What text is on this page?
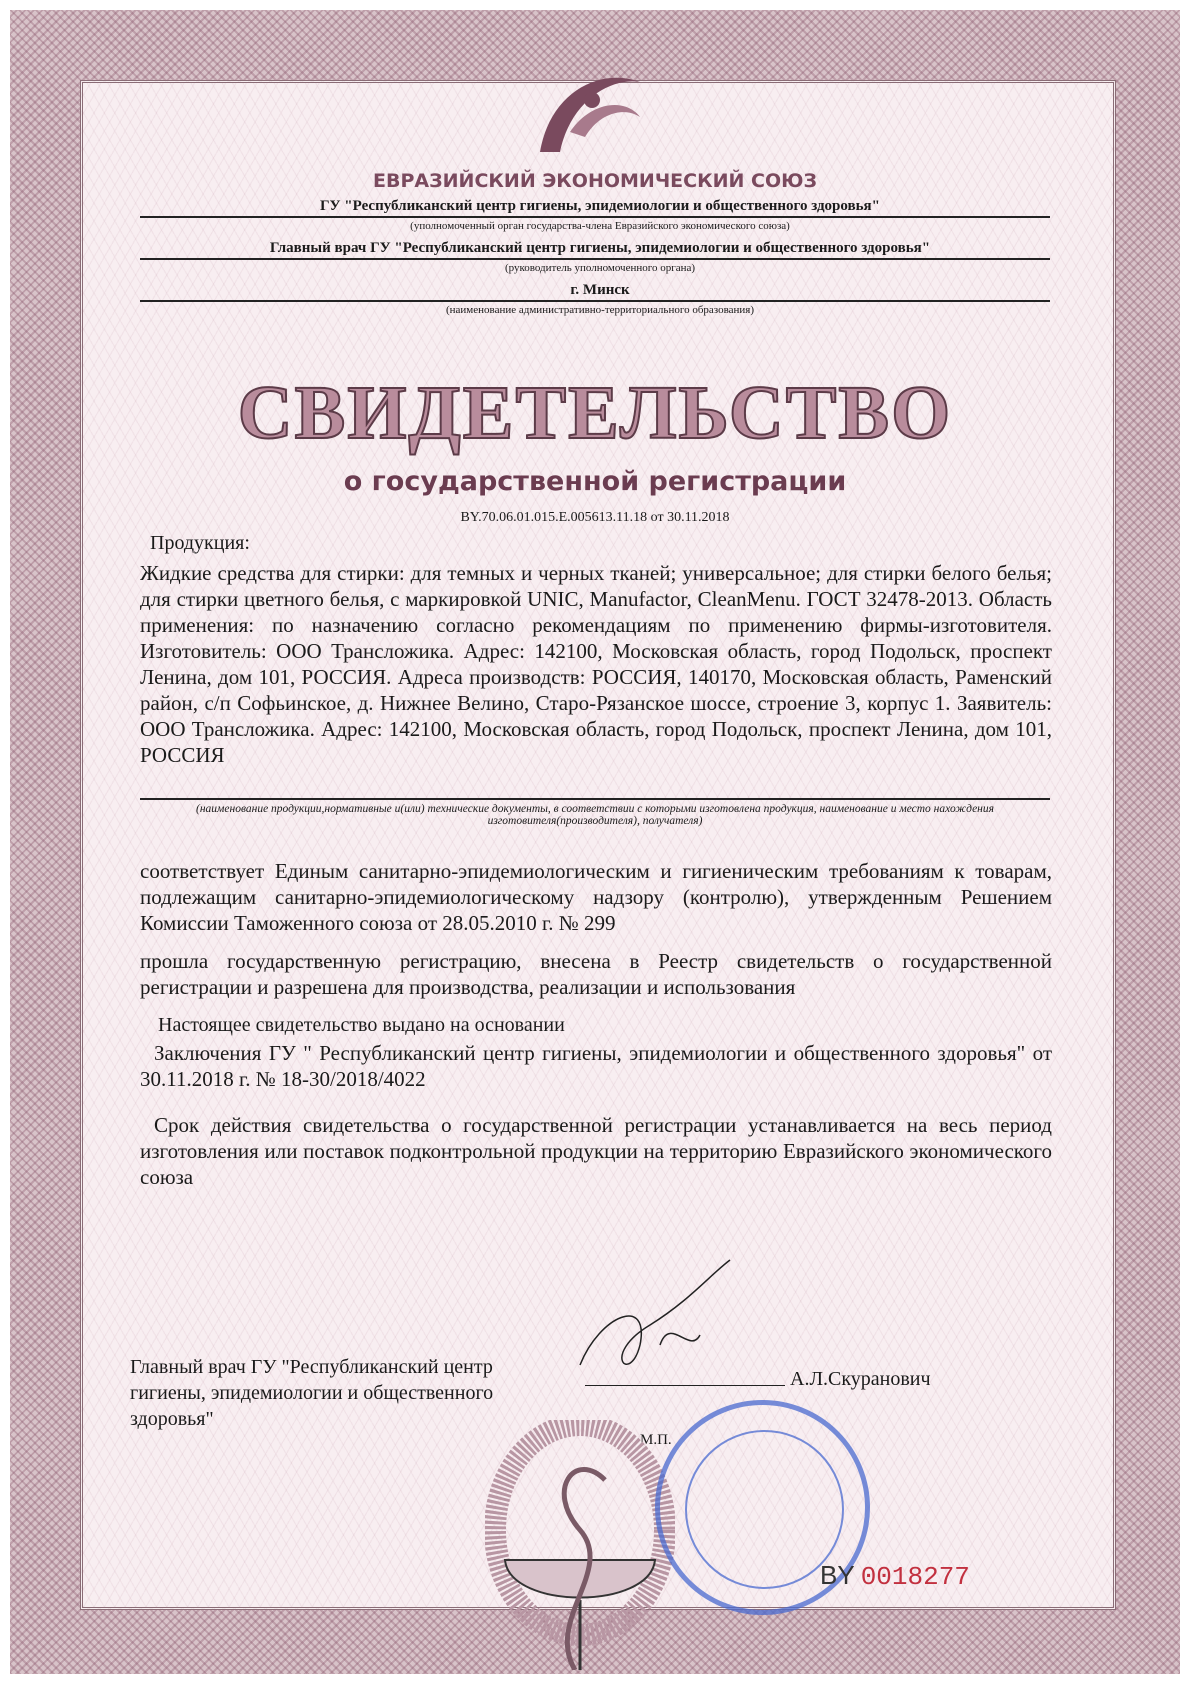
ЕВРАЗИЙСКИЙ ЭКОНОМИЧЕСКИЙ СОЮЗ
ГУ "Республиканский центр гигиены, эпидемиологии и общественного здоровья"
(уполномоченный орган государства-члена Евразийского экономического союза)
Главный врач ГУ "Республиканский центр гигиены, эпидемиологии и общественного здоровья"
(руководитель уполномоченного органа)
г. Минск
(наименование административно-территориального образования)
СВИДЕТЕЛЬСТВО
о государственной регистрации
BY.70.06.01.015.E.005613.11.18 от 30.11.2018
Продукция:
Жидкие средства для стирки: для темных и черных тканей; универсальное; для стирки белого белья; для стирки цветного белья, с маркировкой UNIC, Manufactor, CleanMenu. ГОСТ 32478-2013. Область применения: по назначению согласно рекомендациям по применению фирмы-изготовителя. Изготовитель: ООО Трансложика. Адрес: 142100, Московская область, город Подольск, проспект Ленина, дом 101, РОССИЯ. Адреса производств: РОССИЯ, 140170, Московская область, Раменский район, с/п Софьинское, д. Нижнее Велино, Старо-Рязанское шоссе, строение 3, корпус 1. Заявитель: ООО Трансложика. Адрес: 142100, Московская область, город Подольск, проспект Ленина, дом 101, РОССИЯ
(наименование продукции,нормативные и(или) технические документы, в соответствии с которыми изготовлена продукция, наименование и место нахождения изготовителя(производителя), получателя)
соответствует Единым санитарно-эпидемиологическим и гигиеническим требованиям к товарам, подлежащим санитарно-эпидемиологическому надзору (контролю), утвержденным Решением Комиссии Таможенного союза от 28.05.2010 г. № 299
прошла государственную регистрацию, внесена в Реестр свидетельств о государственной регистрации и разрешена для производства, реализации и использования
Настоящее свидетельство выдано на основании
Заключения ГУ " Республиканский центр гигиены, эпидемиологии и общественного здоровья" от 30.11.2018 г. № 18-30/2018/4022
Срок действия свидетельства о государственной регистрации устанавливается на весь период изготовления или поставок подконтрольной продукции на территорию Евразийского экономического союза
Главный врач ГУ "Республиканский центр гигиены, эпидемиологии и общественного здоровья"
А.Л.Скуранович
М.П.
BY 0018277
